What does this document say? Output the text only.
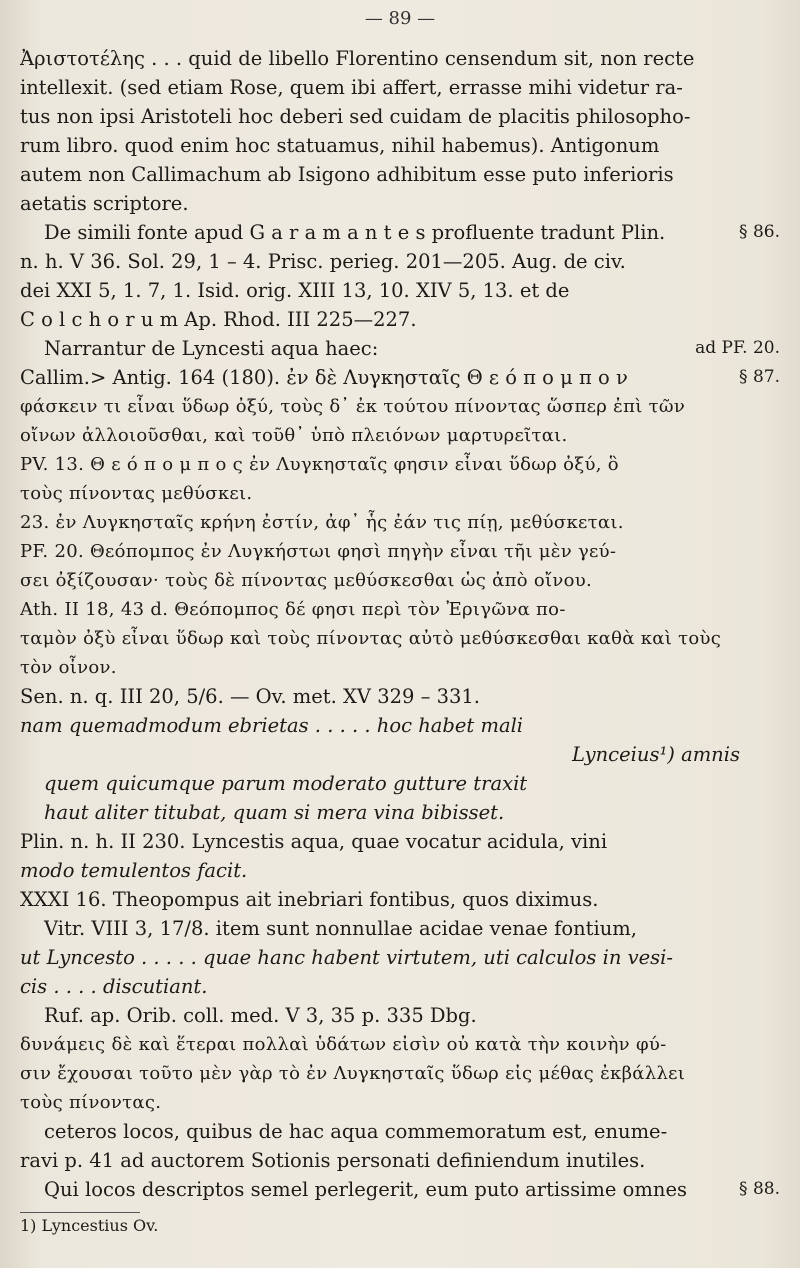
— 89 —
Ἀριστοτέλης . . . quid de libello Florentino censendum sit, non recte
intellexit. (sed etiam Rose, quem ibi affert, errasse mihi videtur ra-
tus non ipsi Aristoteli hoc deberi sed cuidam de placitis philosopho-
rum libro. quod enim hoc statuamus, nihil habemus). Antigonum
autem non Callimachum ab Isigono adhibitum esse puto inferioris
aetatis scriptore.
De simili fonte apud G a r a m a n t e s profluente tradunt Plin.	§ 86.
n. h. V 36. Sol. 29, 1 – 4. Prisc. perieg. 201—205. Aug. de civ.
dei XXI 5, 1. 7, 1. Isid. orig. XIII 13, 10. XIV 5, 13. et de
C o l c h o r u m Ap. Rhod. III 225—227.
Narrantur de Lyncesti aqua haec:	ad PF. 20.
Callim.> Antig. 164 (180). ἐν δὲ Λυγκησταῖς Θ ε ό π ο μ π ο ν	§ 87.
φάσκειν τι εἶναι ὕδωρ ὀξύ, τοὺς δ᾽ ἐκ τούτου πίνοντας ὥσπερ ἐπὶ τῶν
οἴνων ἀλλοιοῦσθαι, καὶ τοῦθ᾽ ὑπὸ πλειόνων μαρτυρεῖται.
PV. 13. Θ ε ό π ο μ π ο ς ἐν Λυγκησταῖς φησιν εἶναι ὕδωρ ὀξύ, ὃ
τοὺς πίνοντας μεθύσκει.
23. ἐν Λυγκησταῖς κρήνη ἐστίν, ἀφ᾽ ἧς ἐάν τις πίῃ, μεθύσκεται.
PF. 20. Θεόπομπος ἐν Λυγκήστωι φησὶ πηγὴν εἶναι τῆι μὲν γεύ-
σει ὀξίζουσαν· τοὺς δὲ πίνοντας μεθύσκεσθαι ὡς ἀπὸ οἴνου.
Ath. II 18, 43 d. Θεόπομπος δέ φησι περὶ τὸν Ἐριγῶνα πο-
ταμὸν ὀξὺ εἶναι ὕδωρ καὶ τοὺς πίνοντας αὐτὸ μεθύσκεσθαι καθὰ καὶ τοὺς
τὸν οἶνον.
Sen. n. q. III 20, 5/6. — Ov. met. XV 329 – 331.
nam quemadmodum ebrietas . . . . . hoc habet mali
Lynceius¹) amnis
quem quicumque parum moderato gutture traxit
haut aliter titubat, quam si mera vina bibisset.
Plin. n. h. II 230. Lyncestis aqua, quae vocatur acidula, vini
modo temulentos facit.
XXXI 16. Theopompus ait inebriari fontibus, quos diximus.
Vitr. VIII 3, 17/8. item sunt nonnullae acidae venae fontium,
ut Lyncesto . . . . . quae hanc habent virtutem, uti calculos in vesi-
cis . . . . discutiant.
Ruf. ap. Orib. coll. med. V 3, 35 p. 335 Dbg.
δυνάμεις δὲ καὶ ἕτεραι πολλαὶ ὑδάτων εἰσὶν οὐ κατὰ τὴν κοινὴν φύ-
σιν ἔχουσαι τοῦτο μὲν γὰρ τὸ ἐν Λυγκησταῖς ὕδωρ εἰς μέθας ἐκβάλλει
τοὺς πίνοντας.
ceteros locos, quibus de hac aqua commemoratum est, enume-
ravi p. 41 ad auctorem Sotionis personati definiendum inutiles.
Qui locos descriptos semel perlegerit, eum puto artissime omnes	§ 88.
1) Lyncestius Ov.
